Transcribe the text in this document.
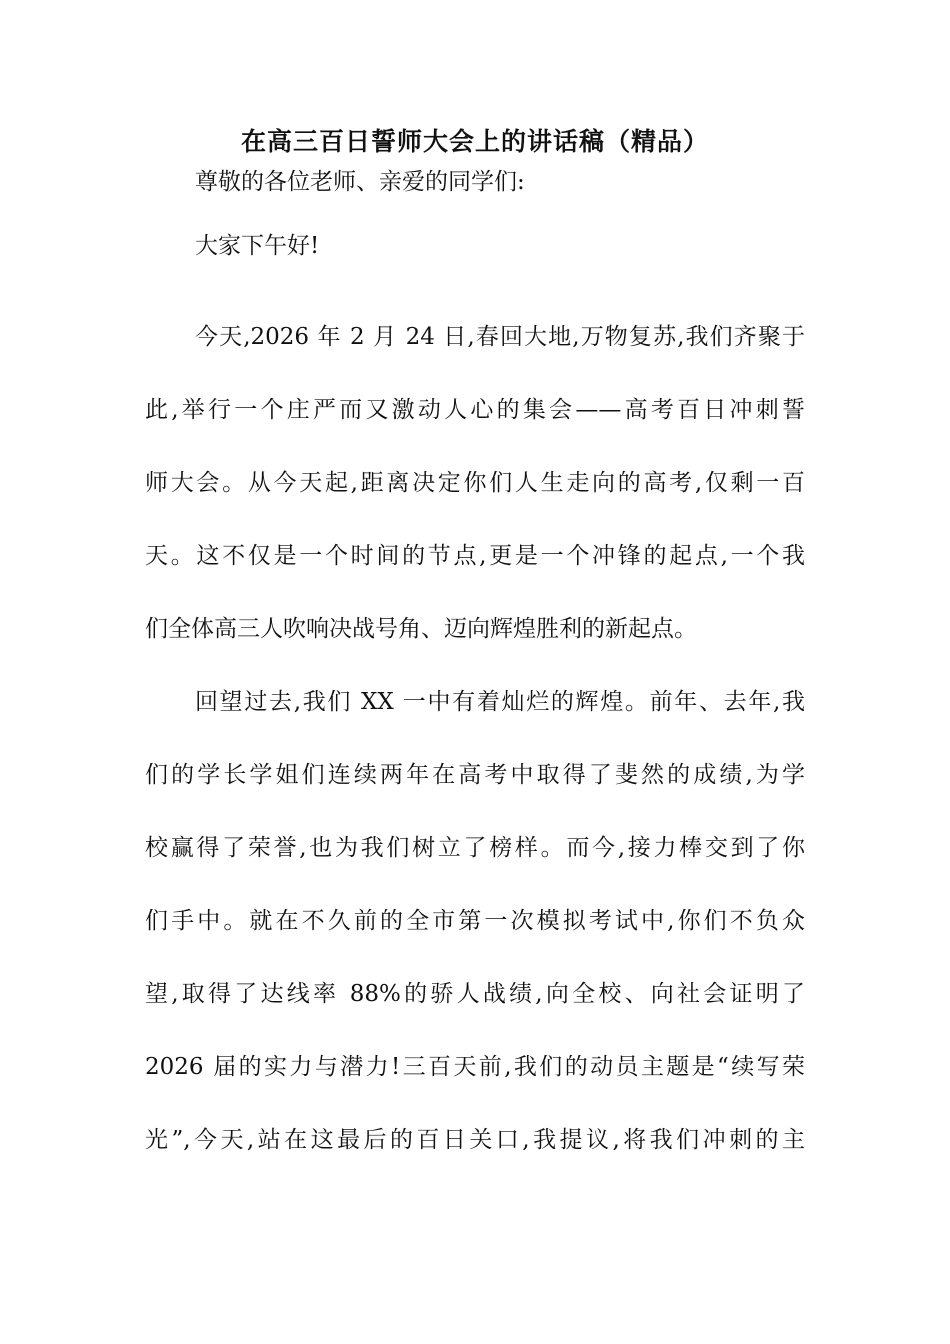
在高三百日誓师大会上的讲话稿（精品）

尊敬的各位老师、亲爱的同学们:

大家下午好!

今天,2026 年 2 月 24 日,春回大地,万物复苏,我们齐聚于

此,举行一个庄严而又激动人心的集会——高考百日冲刺誓

师大会。从今天起,距离决定你们人生走向的高考,仅剩一百

天。这不仅是一个时间的节点,更是一个冲锋的起点,一个我

们全体高三人吹响决战号角、迈向辉煌胜利的新起点。

回望过去,我们 XX 一中有着灿烂的辉煌。前年、去年,我

们的学长学姐们连续两年在高考中取得了斐然的成绩,为学

校赢得了荣誉,也为我们树立了榜样。而今,接力棒交到了你

们手中。就在不久前的全市第一次模拟考试中,你们不负众

望,取得了达线率 88%的骄人战绩,向全校、向社会证明了

2026 届的实力与潜力!三百天前,我们的动员主题是“续写荣

光”,今天,站在这最后的百日关口,我提议,将我们冲刺的主
